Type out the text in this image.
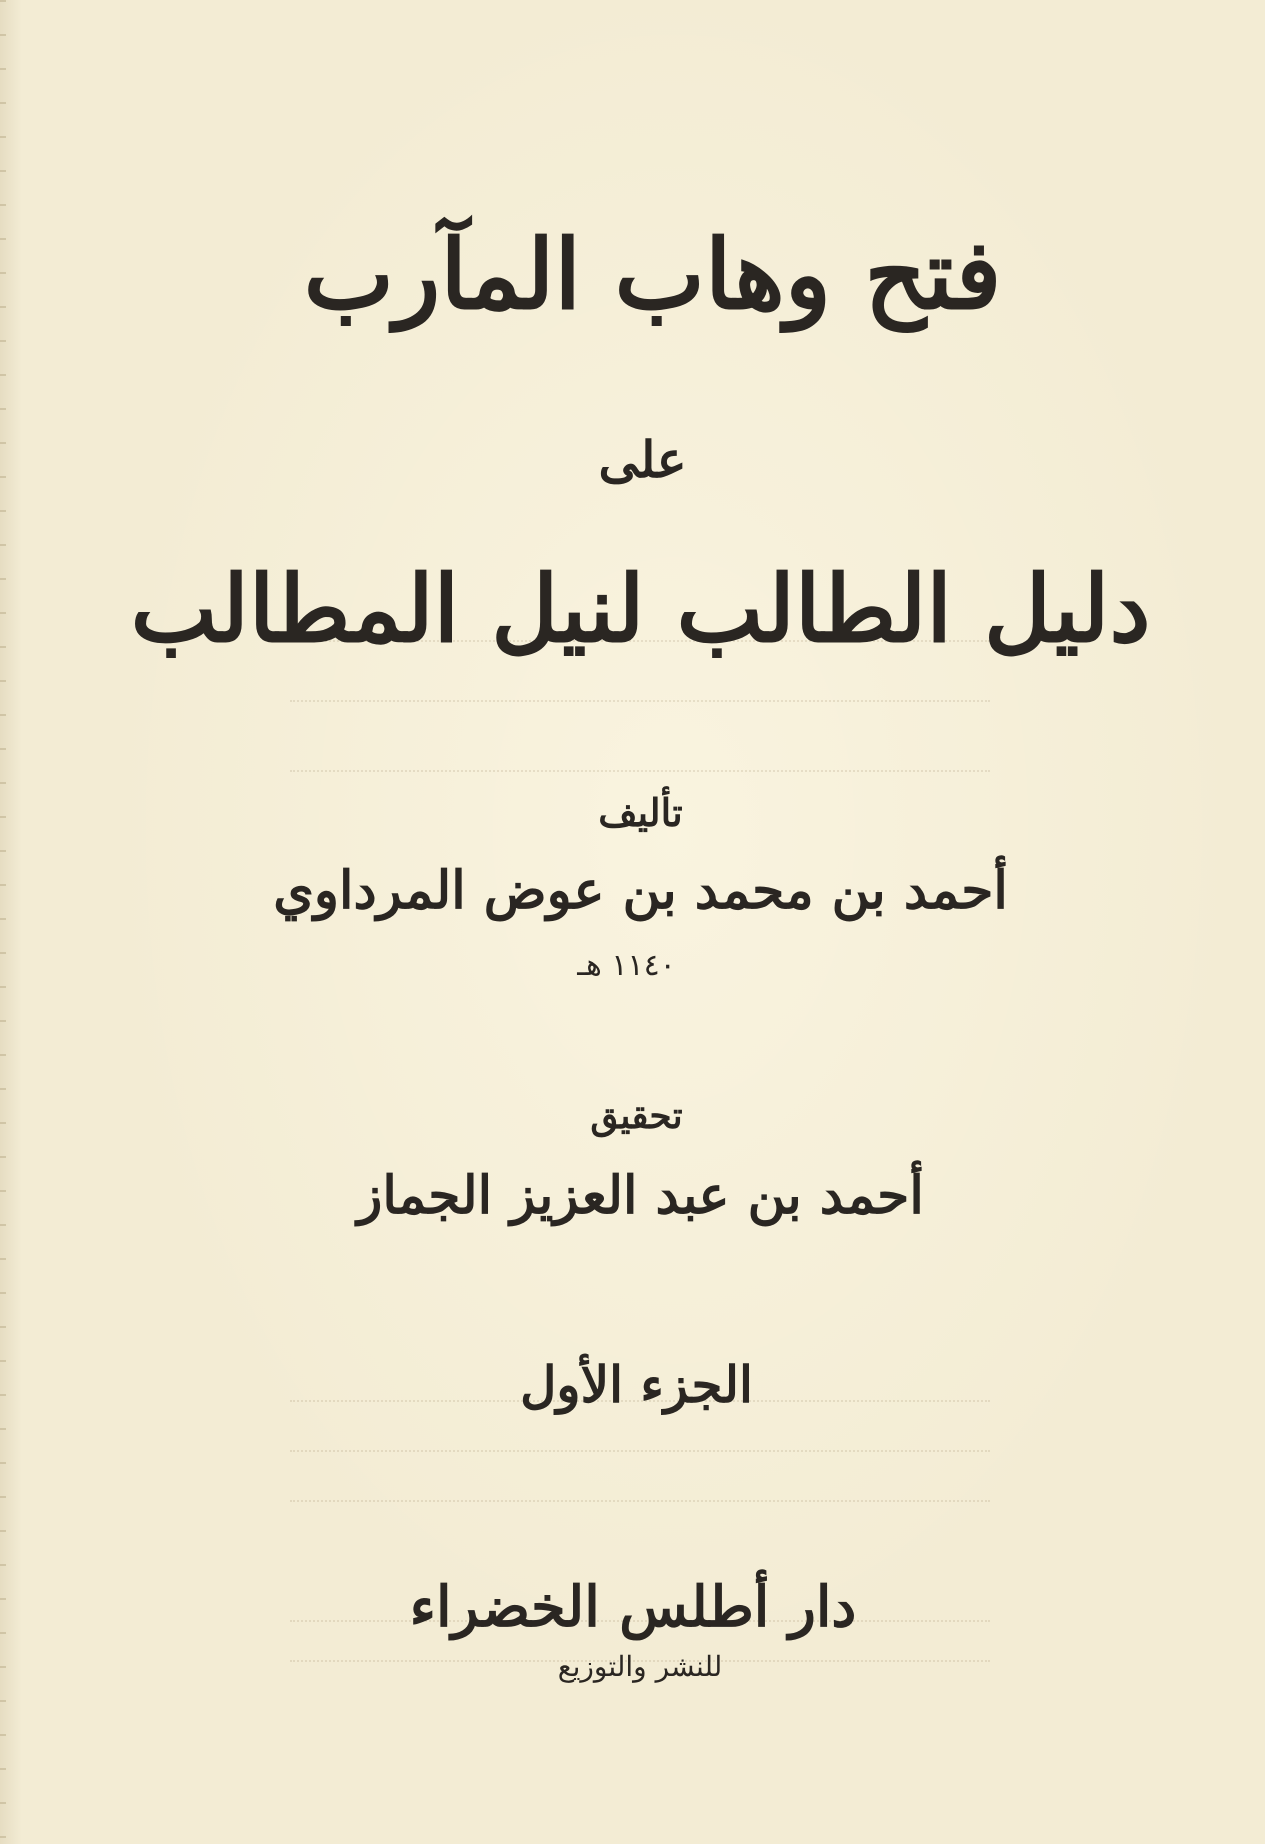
فتح وهاب المآرب
على
دليل الطالب لنيل المطالب
تأليف
أحمد بن محمد بن عوض المرداوي
١١٤٠ هـ
تحقيق
أحمد بن عبد العزيز الجماز
الجزء الأول
دار أطلس الخضراء
للنشر والتوزيع
